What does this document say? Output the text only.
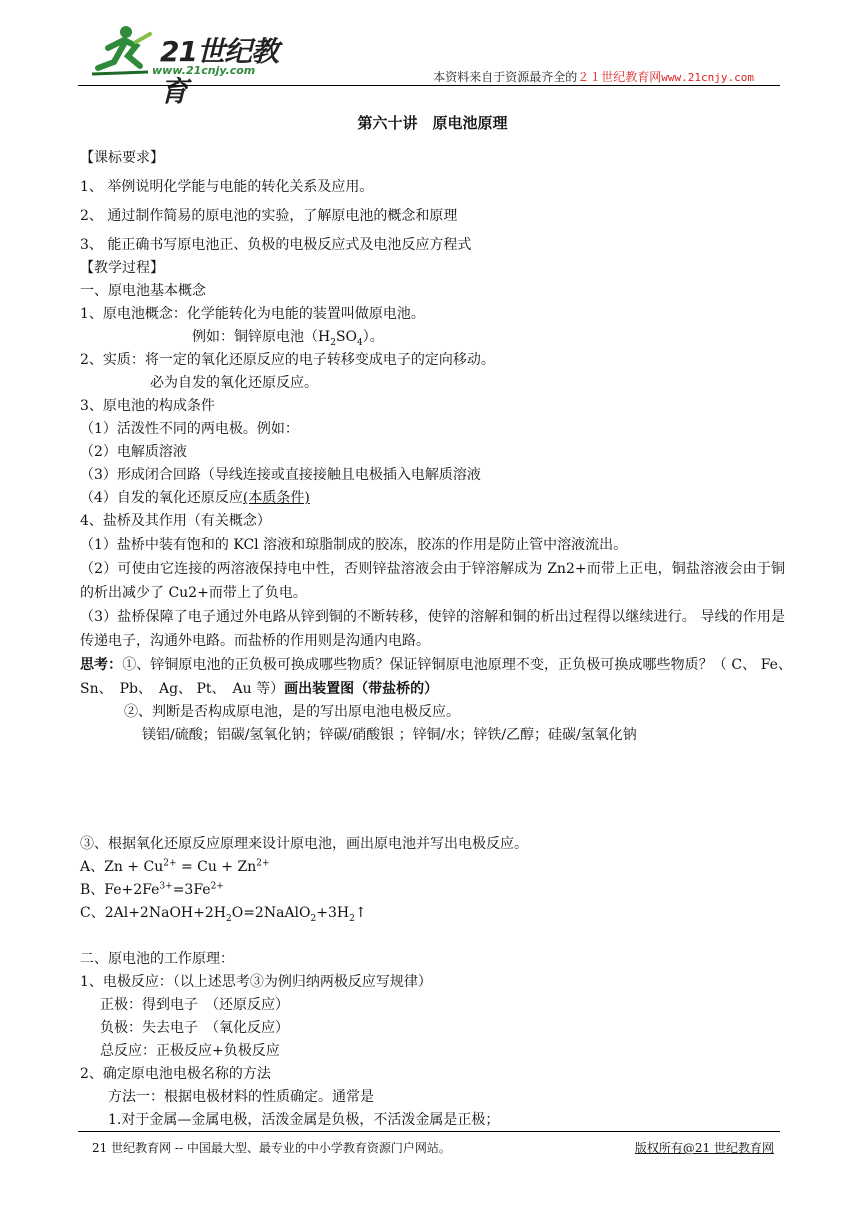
21世纪教育
www.21cnjy.com	本资料来自于资源最齐全的２１世纪教育网www.21cnjy.com
第六十讲　原电池原理

【课标要求】

1、 举例说明化学能与电能的转化关系及应用。

2、 通过制作简易的原电池的实验，了解原电池的概念和原理

3、 能正确书写原电池正、负极的电极反应式及电池反应方程式

【教学过程】

一、原电池基本概念

1、原电池概念：化学能转化为电能的装置叫做原电池。

例如：铜锌原电池$(H_2SO_4)$。

2、实质：将一定的氧化还原反应的电子转移变成电子的定向移动。

必为自发的氧化还原反应。

3、原电池的构成条件

（1）活泼性不同的两电极。例如：

（2）电解质溶液

（3）形成闭合回路（导线连接或直接接触且电极插入电解质溶液

（4）自发的氧化还原反应(本质条件)

4、盐桥及其作用（有关概念）

（1）盐桥中装有饱和的 KCl 溶液和琼脂制成的胶冻，胶冻的作用是防止管中溶液流出。

（2）可使由它连接的两溶液保持电中性，否则锌盐溶液会由于锌溶解成为 Zn2+而带上正电，铜盐溶液会由于铜的析出减少了 Cu2+而带上了负电。

（3）盐桥保障了电子通过外电路从锌到铜的不断转移，使锌的溶解和铜的析出过程得以继续进行。 导线的作用是传递电子，沟通外电路。而盐桥的作用则是沟通内电路。

思考：①、锌铜原电池的正负极可换成哪些物质？保证锌铜原电池原理不变，正负极可换成哪些物质？（ C、 Fe、　Sn、　Pb、　Ag、 Pt、　Au 等）画出装置图（带盐桥的）

②、判断是否构成原电池，是的写出原电池电极反应。

镁铝/硫酸；铝碳/氢氧化钠；锌碳/硝酸银 ；锌铜/水；锌铁/乙醇；硅碳/氢氧化钠

③、根据氧化还原反应原理来设计原电池，画出原电池并写出电极反应。

A、$Zn + Cu^{2+} = Cu + Zn^{2+}$

B、$Fe+2Fe^{3+}=3Fe^{2+}$

C、$2Al+2NaOH+2H_2O=2NaAlO_2+3H_2↑$

二、原电池的工作原理：

1、电极反应：（以上述思考③为例归纳两极反应写规律）

正极：得到电子　（还原反应）

负极：失去电子　（氧化反应）

总反应：正极反应+负极反应

2、确定原电池电极名称的方法

方法一：根据电极材料的性质确定。通常是

1.对于金属—金属电极，活泼金属是负极，不活泼金属是正极；

21 世纪教育网 -- 中国最大型、最专业的中小学教育资源门户网站。	版权所有@21 世纪教育网
